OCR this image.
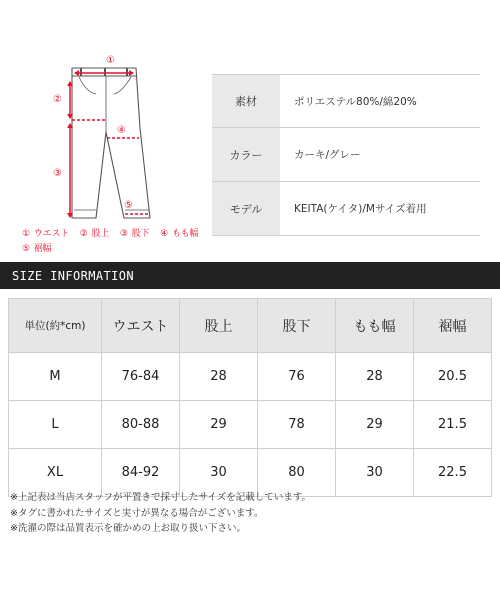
①
②
③
④
⑤
① ウエスト ② 股上 ③ 股下 ④ もも幅
⑤ 裾幅
素材	ポリエステル80%/綿20%
カラー	カーキ/グレー
モデル	KEITA(ケイタ)/Mサイズ着用
SIZE INFORMATION
単位(約*cm)	ウエスト	股上	股下	もも幅	裾幅
M	76-84	28	76	28	20.5
L	80-88	29	78	29	21.5
XL	84-92	30	80	30	22.5
※上記表は当店スタッフが平置きで採寸したサイズを記載しています。
※タグに書かれたサイズと実寸が異なる場合がございます。
※洗濯の際は品質表示を確かめの上お取り扱い下さい。
